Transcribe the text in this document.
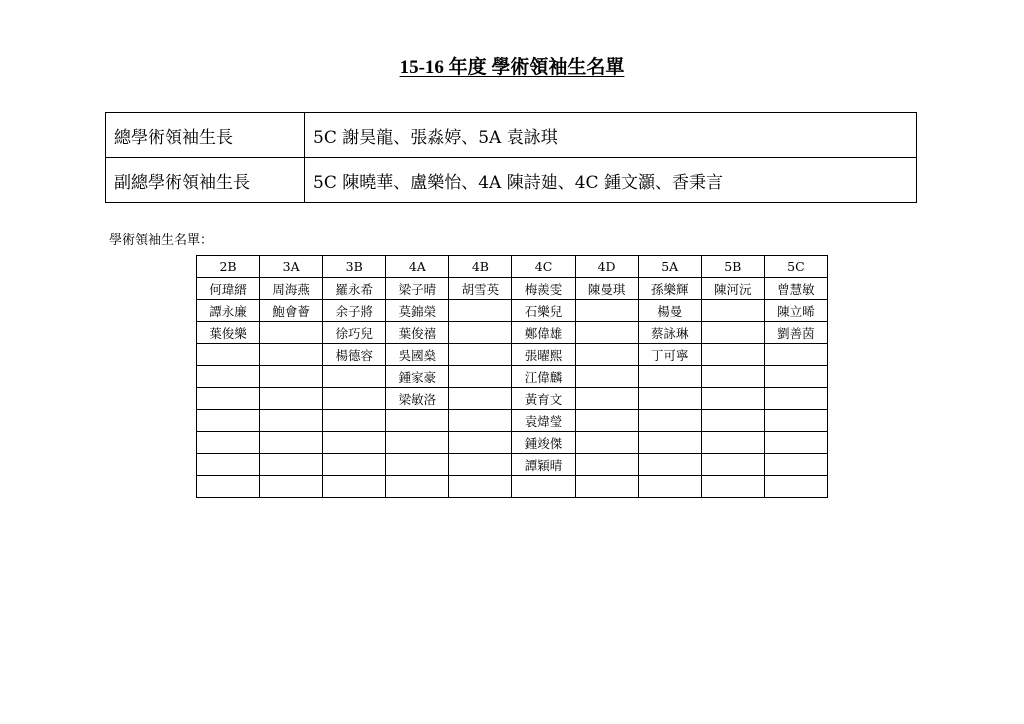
15-16 年度 學術領袖生名單
總學術領袖生長	5C 謝昊龍、張淼婷、5A 袁詠琪
副總學術領袖生長	5C 陳曉華、盧樂怡、4A 陳詩廸、4C 鍾文灝、香秉言
學術領袖生名單：
2B	3A	3B	4A	4B	4C	4D	5A	5B	5C
何瑋縉	周海燕	羅永希	梁子晴	胡雪英	梅羨雯	陳曼琪	孫樂輝	陳河沅	曾慧敏
譚永廉	鮑會薈	余子將	莫錦榮		石樂兒		楊曼		陳立晞
葉俊樂		徐巧兒	葉俊禧		鄭偉雄		蔡詠琳		劉善茵
		楊德容	吳國燊		張曜熙		丁可寧		
			鍾家豪		江偉麟				
			梁敏洛		黃育文				
					袁煒瑩				
					鍾竣傑				
					譚穎晴				
